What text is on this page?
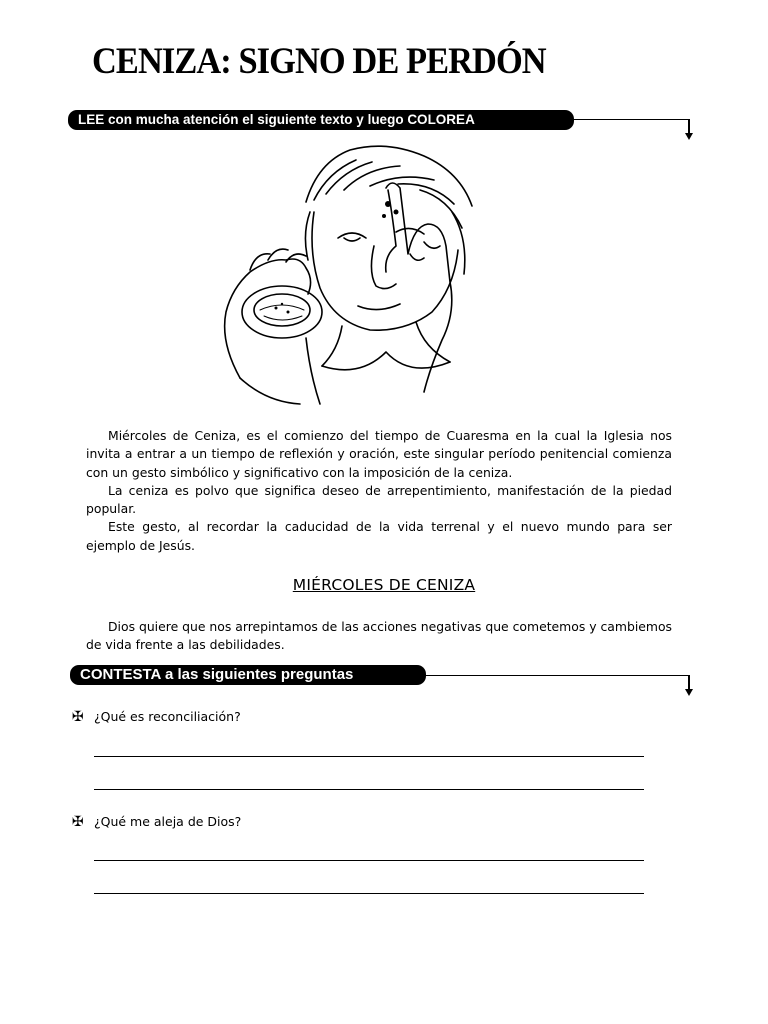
CENIZA: SIGNO DE PERDÓN
LEE con mucha atención el siguiente texto y luego COLOREA

Miércoles de Ceniza, es el comienzo del tiempo de Cuaresma en la cual la Iglesia nos invita a entrar a un tiempo de reflexión y oración, este singular período penitencial comienza con un gesto simbólico y significativo con la imposición de la ceniza.

La ceniza es polvo que significa deseo de arrepentimiento, manifestación de la piedad popular.

Este gesto, al recordar la caducidad de la vida terrenal y el nuevo mundo para ser ejemplo de Jesús.

MIÉRCOLES DE CENIZA

Dios quiere que nos arrepintamos de las acciones negativas que cometemos y cambiemos de vida frente a las debilidades.

CONTESTA a las siguientes preguntas
✠ ¿Qué es reconciliación?
✠ ¿Qué me aleja de Dios?
